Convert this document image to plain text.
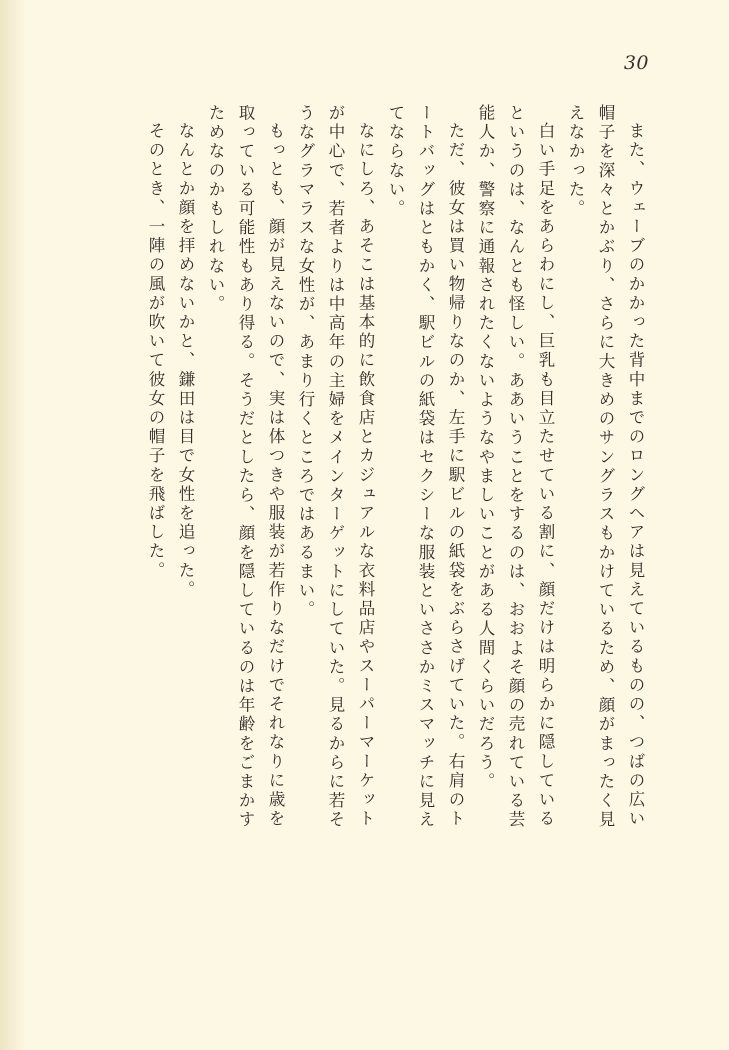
30
また、ウェーブのかかった背中までのロングヘアは見えているものの、つばの広い
帽子を深々とかぶり、さらに大きめのサングラスもかけているため、顔がまったく見
えなかった。
白い手足をあらわにし、巨乳も目立たせている割に、顔だけは明らかに隠している
というのは、なんとも怪しい。ああいうことをするのは、おおよそ顔の売れている芸
能人か、警察に通報されたくないようなやましいことがある人間くらいだろう。
ただ、彼女は買い物帰りなのか、左手に駅ビルの紙袋をぶらさげていた。右肩のト
ートバッグはともかく、駅ビルの紙袋はセクシーな服装といささかミスマッチに見え
てならない。
なにしろ、あそこは基本的に飲食店とカジュアルな衣料品店やスーパーマーケット
が中心で、若者よりは中高年の主婦をメインターゲットにしていた。見るからに若そ
うなグラマラスな女性が、あまり行くところではあるまい。
もっとも、顔が見えないので、実は体つきや服装が若作りなだけでそれなりに歳を
取っている可能性もあり得る。そうだとしたら、顔を隠しているのは年齢をごまかす
ためなのかもしれない。
なんとか顔を拝めないかと、鎌田は目で女性を追った。
そのとき、一陣の風が吹いて彼女の帽子を飛ばした。
